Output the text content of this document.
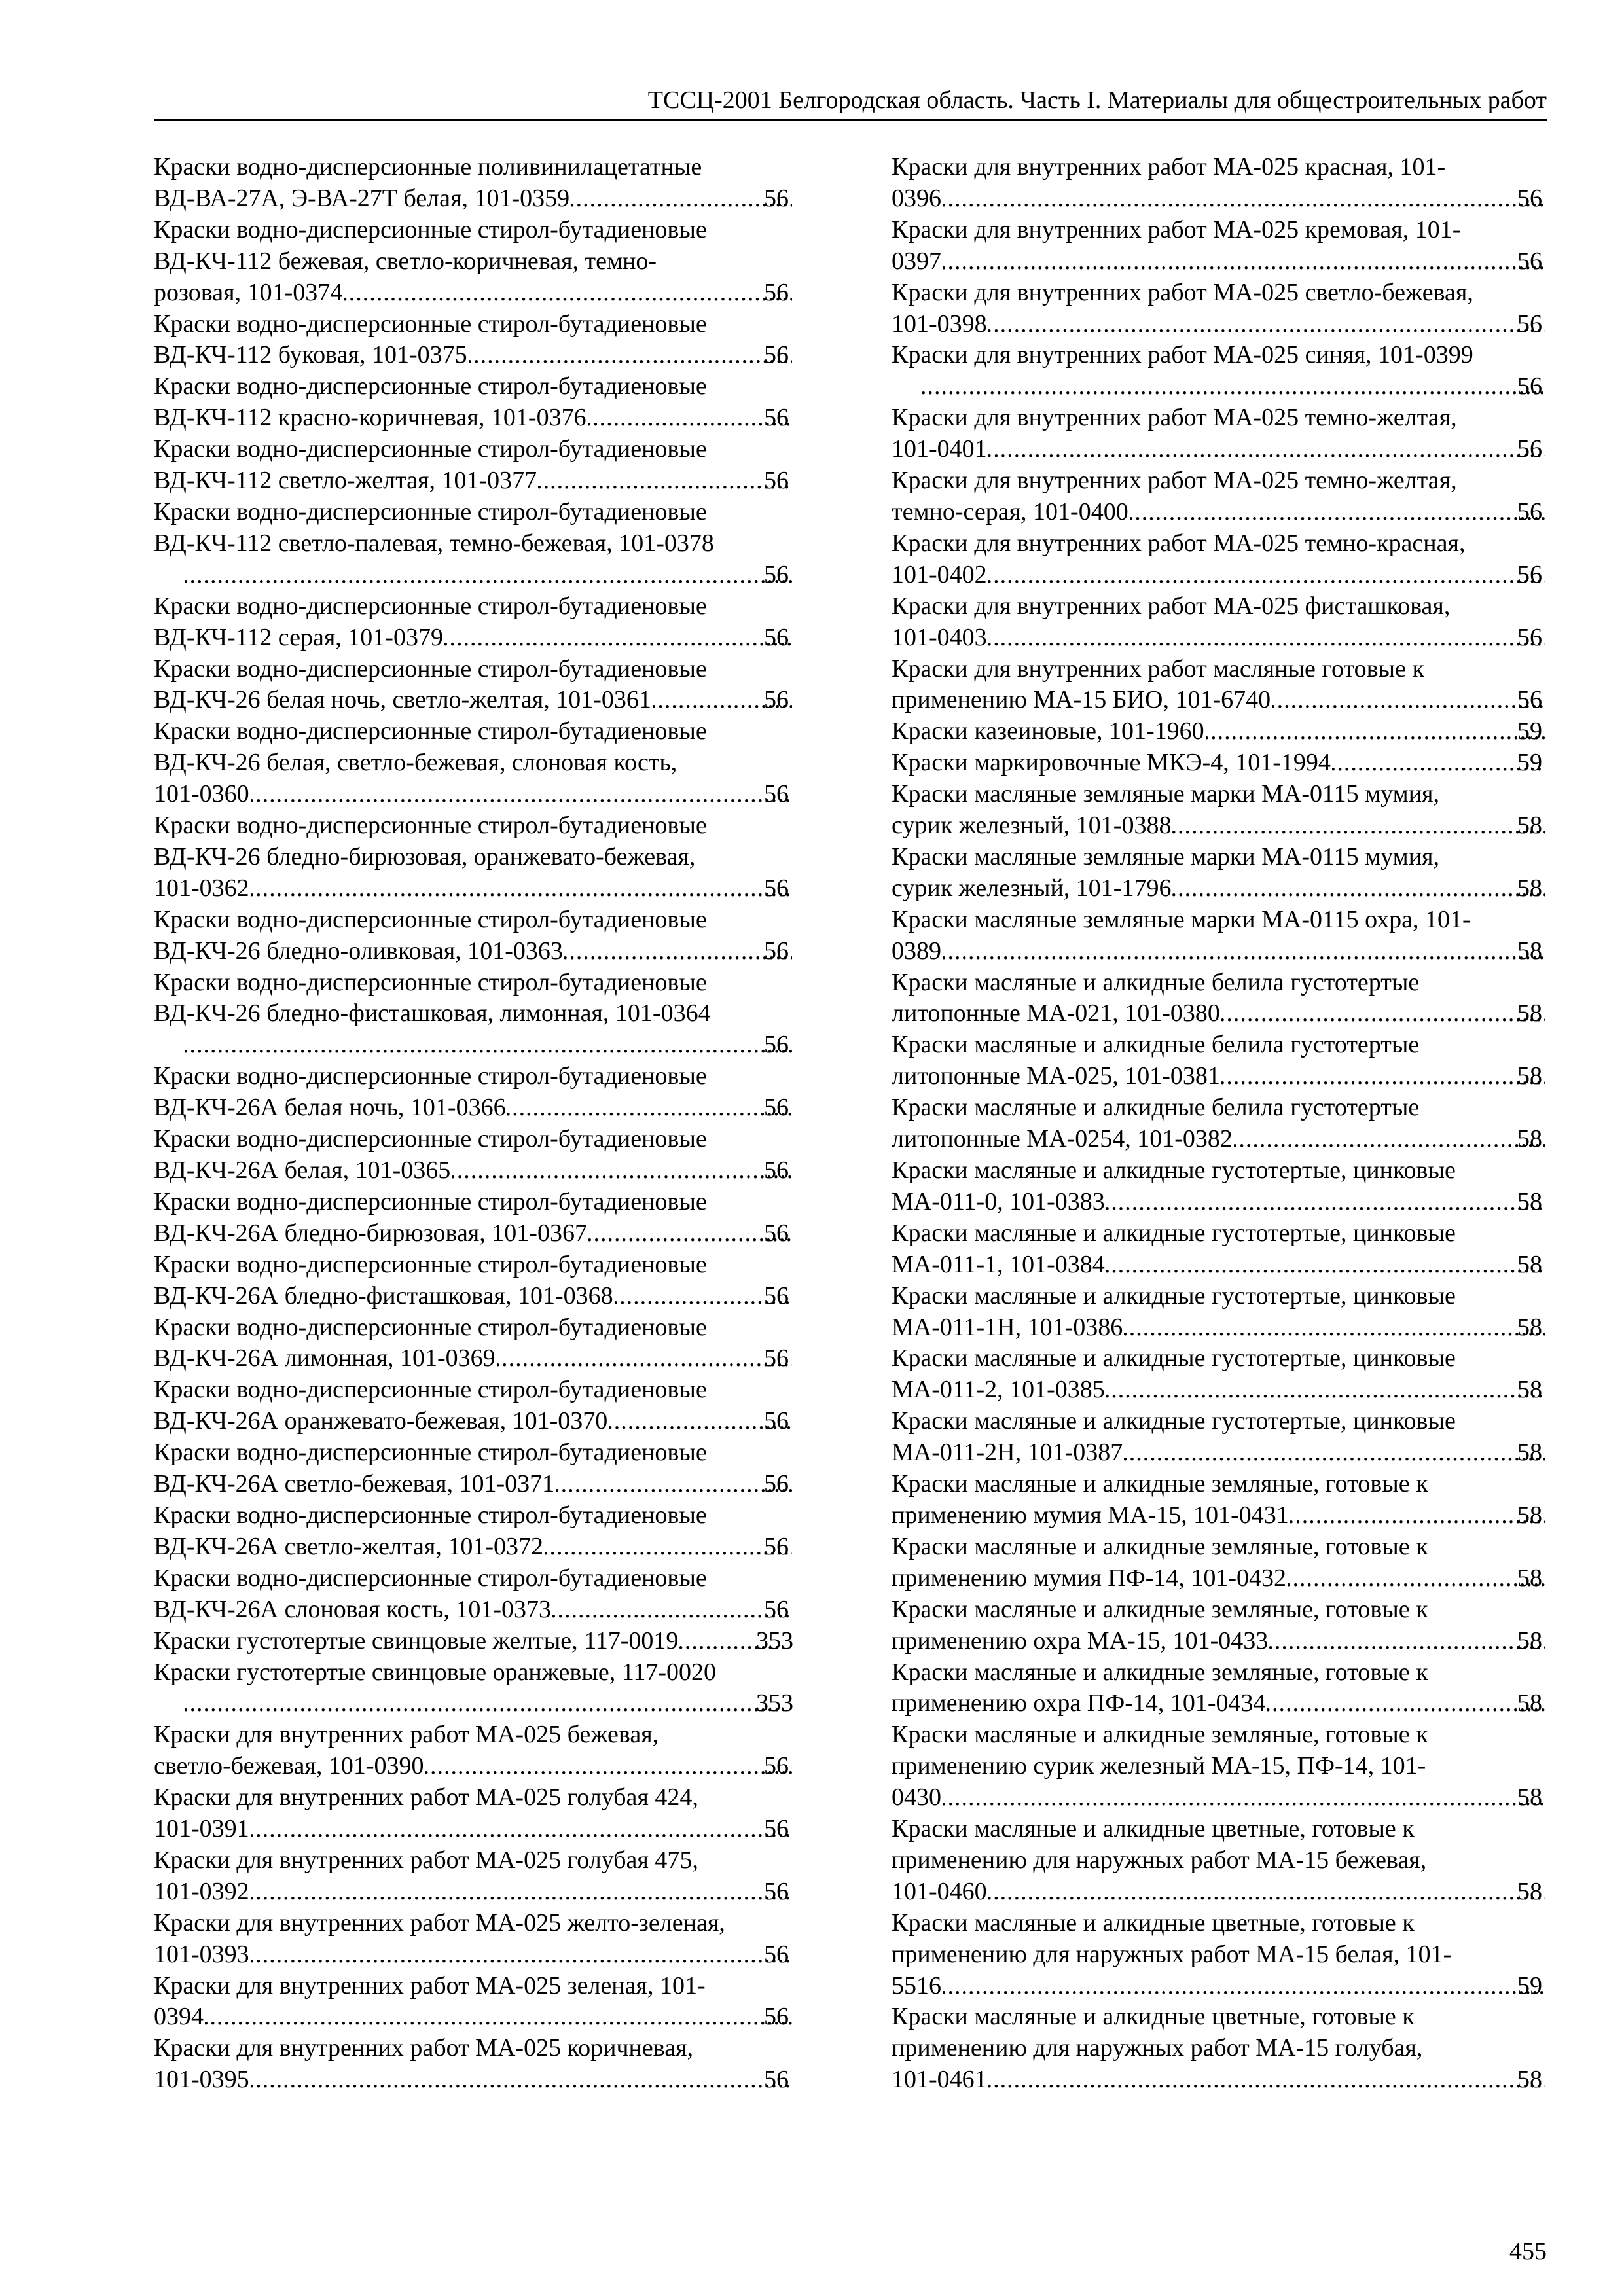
ТССЦ-2001 Белгородская область. Часть I. Материалы для общестроительных работ
Краски водно-дисперсионные поливинилацетатные
ВД-ВА-27А, Э-ВА-27Т белая, 101-0359 .....	56
Краски водно-дисперсионные стирол-бутадиеновые
ВД-КЧ-112 бежевая, светло-коричневая, темно-
розовая, 101-0374 .....	56
Краски водно-дисперсионные стирол-бутадиеновые
ВД-КЧ-112 буковая, 101-0375 .....	56
Краски водно-дисперсионные стирол-бутадиеновые
ВД-КЧ-112 красно-коричневая, 101-0376 .....	56
Краски водно-дисперсионные стирол-бутадиеновые
ВД-КЧ-112 светло-желтая, 101-0377 .....	56
Краски водно-дисперсионные стирол-бутадиеновые
ВД-КЧ-112 светло-палевая, темно-бежевая, 101-0378
.....
56
Краски водно-дисперсионные стирол-бутадиеновые
ВД-КЧ-112 серая, 101-0379 .....	56
Краски водно-дисперсионные стирол-бутадиеновые
ВД-КЧ-26 белая ночь, светло-желтая, 101-0361 .....	56
Краски водно-дисперсионные стирол-бутадиеновые
ВД-КЧ-26 белая, светло-бежевая, слоновая кость,
101-0360 .....	56
Краски водно-дисперсионные стирол-бутадиеновые
ВД-КЧ-26 бледно-бирюзовая, оранжевато-бежевая,
101-0362 .....	56
Краски водно-дисперсионные стирол-бутадиеновые
ВД-КЧ-26 бледно-оливковая, 101-0363 .....	56
Краски водно-дисперсионные стирол-бутадиеновые
ВД-КЧ-26 бледно-фисташковая, лимонная, 101-0364
.....
56
Краски водно-дисперсионные стирол-бутадиеновые
ВД-КЧ-26А белая ночь, 101-0366 .....	56
Краски водно-дисперсионные стирол-бутадиеновые
ВД-КЧ-26А белая, 101-0365 .....	56
Краски водно-дисперсионные стирол-бутадиеновые
ВД-КЧ-26А бледно-бирюзовая, 101-0367 .....	56
Краски водно-дисперсионные стирол-бутадиеновые
ВД-КЧ-26А бледно-фисташковая, 101-0368 .....	56
Краски водно-дисперсионные стирол-бутадиеновые
ВД-КЧ-26А лимонная, 101-0369 .....	56
Краски водно-дисперсионные стирол-бутадиеновые
ВД-КЧ-26А оранжевато-бежевая, 101-0370 .....	56
Краски водно-дисперсионные стирол-бутадиеновые
ВД-КЧ-26А светло-бежевая, 101-0371 .....	56
Краски водно-дисперсионные стирол-бутадиеновые
ВД-КЧ-26А светло-желтая, 101-0372 .....	56
Краски водно-дисперсионные стирол-бутадиеновые
ВД-КЧ-26А слоновая кость, 101-0373 .....	56
Краски густотертые свинцовые желтые, 117-0019 .....	353
Краски густотертые свинцовые оранжевые, 117-0020
.....
353
Краски для внутренних работ МА-025 бежевая,
светло-бежевая, 101-0390 .....	56
Краски для внутренних работ МА-025 голубая 424,
101-0391 .....	56
Краски для внутренних работ МА-025 голубая 475,
101-0392 .....	56
Краски для внутренних работ МА-025 желто-зеленая,
101-0393 .....	56
Краски для внутренних работ МА-025 зеленая, 101-
0394 .....	56
Краски для внутренних работ МА-025 коричневая,
101-0395 .....	56
Краски для внутренних работ МА-025 красная, 101-
0396 .....	56
Краски для внутренних работ МА-025 кремовая, 101-
0397 .....	56
Краски для внутренних работ МА-025 светло-бежевая,
101-0398 .....	56
Краски для внутренних работ МА-025 синяя, 101-0399
.....
56
Краски для внутренних работ МА-025 темно-желтая,
101-0401 .....	56
Краски для внутренних работ МА-025 темно-желтая,
темно-серая, 101-0400 .....	56
Краски для внутренних работ МА-025 темно-красная,
101-0402 .....	56
Краски для внутренних работ МА-025 фисташковая,
101-0403 .....	56
Краски для внутренних работ масляные готовые к
применению МА-15 БИО, 101-6740 .....	56
Краски казеиновые, 101-1960 .....	59
Краски маркировочные МКЭ-4, 101-1994 .....	59
Краски масляные земляные марки МА-0115 мумия,
сурик железный, 101-0388 .....	58
Краски масляные земляные марки МА-0115 мумия,
сурик железный, 101-1796 .....	58
Краски масляные земляные марки МА-0115 охра, 101-
0389 .....	58
Краски масляные и алкидные белила густотертые
литопонные МА-021, 101-0380 .....	58
Краски масляные и алкидные белила густотертые
литопонные МА-025, 101-0381 .....	58
Краски масляные и алкидные белила густотертые
литопонные МА-0254, 101-0382 .....	58
Краски масляные и алкидные густотертые, цинковые
МА-011-0, 101-0383 .....	58
Краски масляные и алкидные густотертые, цинковые
МА-011-1, 101-0384 .....	58
Краски масляные и алкидные густотертые, цинковые
МА-011-1Н, 101-0386 .....	58
Краски масляные и алкидные густотертые, цинковые
МА-011-2, 101-0385 .....	58
Краски масляные и алкидные густотертые, цинковые
МА-011-2Н, 101-0387 .....	58
Краски масляные и алкидные земляные, готовые к
применению мумия МА-15, 101-0431 .....	58
Краски масляные и алкидные земляные, готовые к
применению мумия ПФ-14, 101-0432 .....	58
Краски масляные и алкидные земляные, готовые к
применению охра МА-15, 101-0433 .....	58
Краски масляные и алкидные земляные, готовые к
применению охра ПФ-14, 101-0434 .....	58
Краски масляные и алкидные земляные, готовые к
применению сурик железный МА-15, ПФ-14, 101-
0430 .....	58
Краски масляные и алкидные цветные, готовые к
применению для наружных работ МА-15 бежевая,
101-0460 .....	58
Краски масляные и алкидные цветные, готовые к
применению для наружных работ МА-15 белая, 101-
5516 .....	59
Краски масляные и алкидные цветные, готовые к
применению для наружных работ МА-15 голубая,
101-0461 .....	58
455
